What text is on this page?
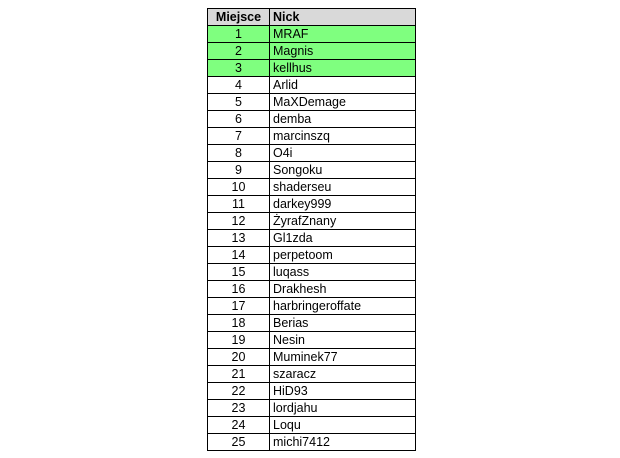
Miejsce	Nick
1	MRAF
2	Magnis
3	kellhus
4	Arlid
5	MaXDemage
6	demba
7	marcinszq
8	O4i
9	Songoku
10	shaderseu
11	darkey999
12	ŻyrafZnany
13	Gl1zda
14	perpetoom
15	luqass
16	Drakhesh
17	harbringeroffate
18	Berias
19	Nesin
20	Muminek77
21	szaracz
22	HiD93
23	lordjahu
24	Loqu
25	michi7412
